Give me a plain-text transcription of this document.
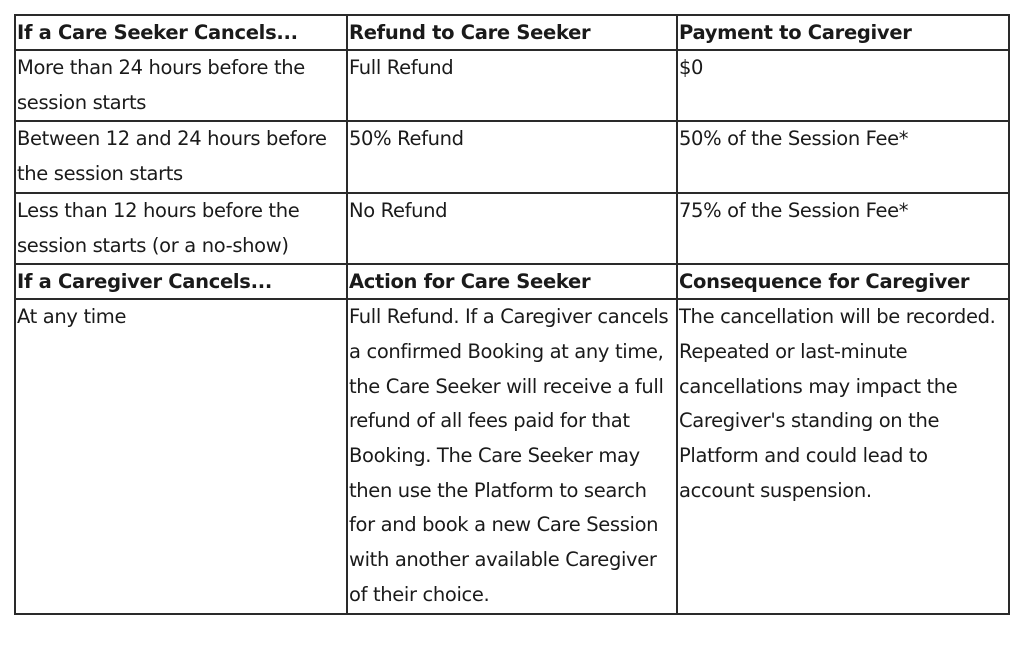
If a Care Seeker Cancels...	Refund to Care Seeker	Payment to Caregiver
More than 24 hours before the session starts	Full Refund	$0
Between 12 and 24 hours before the session starts	50% Refund	50% of the Session Fee*
Less than 12 hours before the session starts (or a no-show)	No Refund	75% of the Session Fee*
If a Caregiver Cancels...	Action for Care Seeker	Consequence for Caregiver
At any time	Full Refund. If a Caregiver cancels a confirmed Booking at any time, the Care Seeker will receive a full refund of all fees paid for that Booking. The Care Seeker may then use the Platform to search for and book a new Care Session with another available Caregiver of their choice.	The cancellation will be recorded. Repeated or last-minute cancellations may impact the Caregiver's standing on the Platform and could lead to account suspension.
